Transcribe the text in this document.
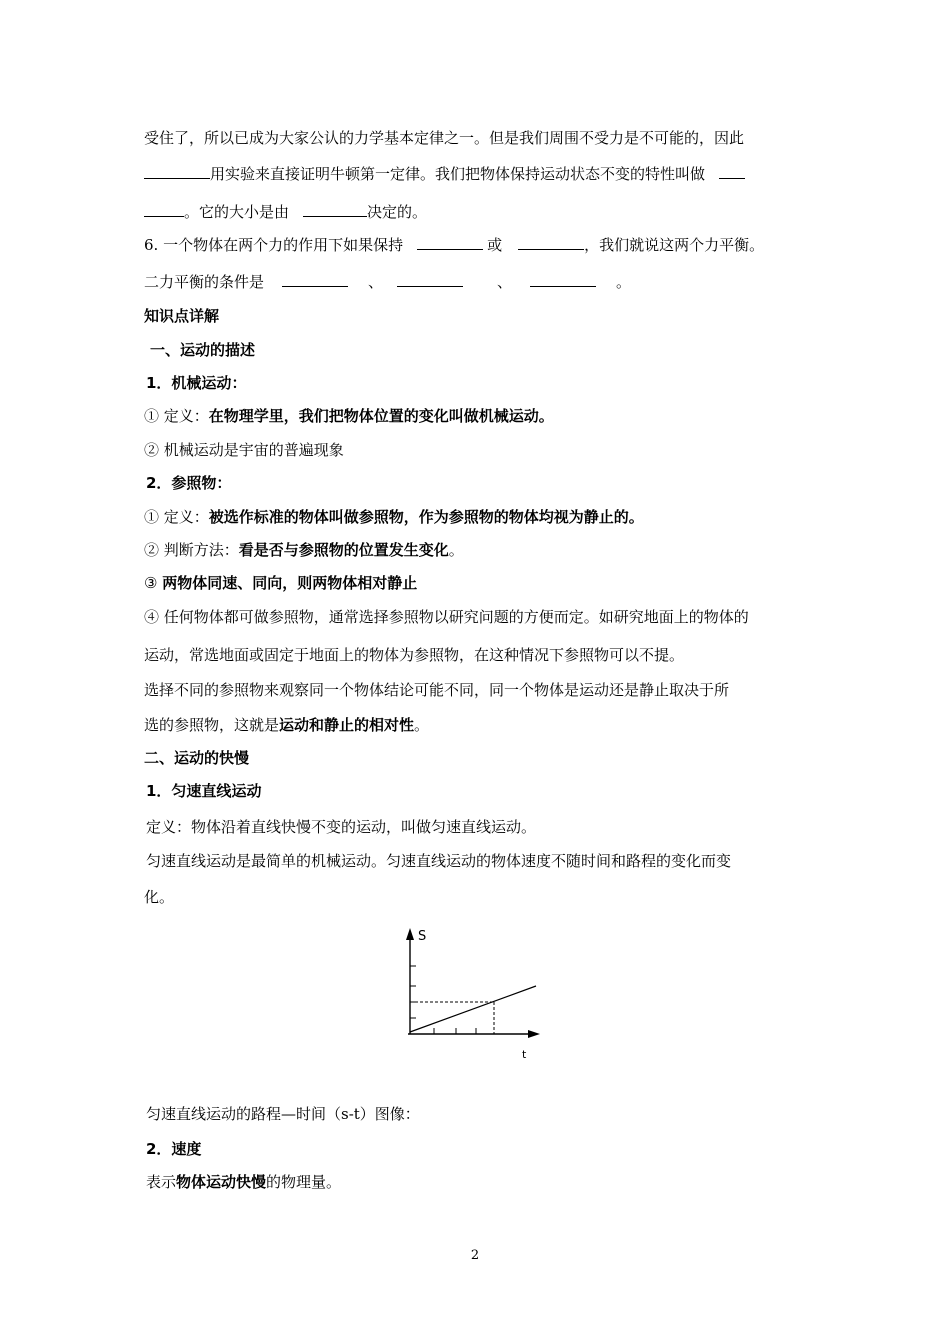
受住了，所以已成为大家公认的力学基本定律之一。但是我们周围不受力是不可能的，因此
用实验来直接证明牛顿第一定律。我们把物体保持运动状态不变的特性叫做
。它的大小是由	决定的。
6. 一个物体在两个力的作用下如果保持	或	，我们就说这两个力平衡。
二力平衡的条件是	、	、	。
知识点详解
一、运动的描述
1．机械运动：
① 定义：在物理学里，我们把物体位置的变化叫做机械运动。
② 机械运动是宇宙的普遍现象
2．参照物：
① 定义：被选作标准的物体叫做参照物，作为参照物的物体均视为静止的。
② 判断方法：看是否与参照物的位置发生变化。
③ 两物体同速、同向，则两物体相对静止
④ 任何物体都可做参照物，通常选择参照物以研究问题的方便而定。如研究地面上的物体的
运动，常选地面或固定于地面上的物体为参照物，在这种情况下参照物可以不提。
选择不同的参照物来观察同一个物体结论可能不同，同一个物体是运动还是静止取决于所
选的参照物，这就是运动和静止的相对性。
二、运动的快慢
1．匀速直线运动
定义：物体沿着直线快慢不变的运动，叫做匀速直线运动。
匀速直线运动是最简单的机械运动。匀速直线运动的物体速度不随时间和路程的变化而变
化。
S
t
匀速直线运动的路程—时间（s-t）图像：
2．速度
表示物体运动快慢的物理量。
2
